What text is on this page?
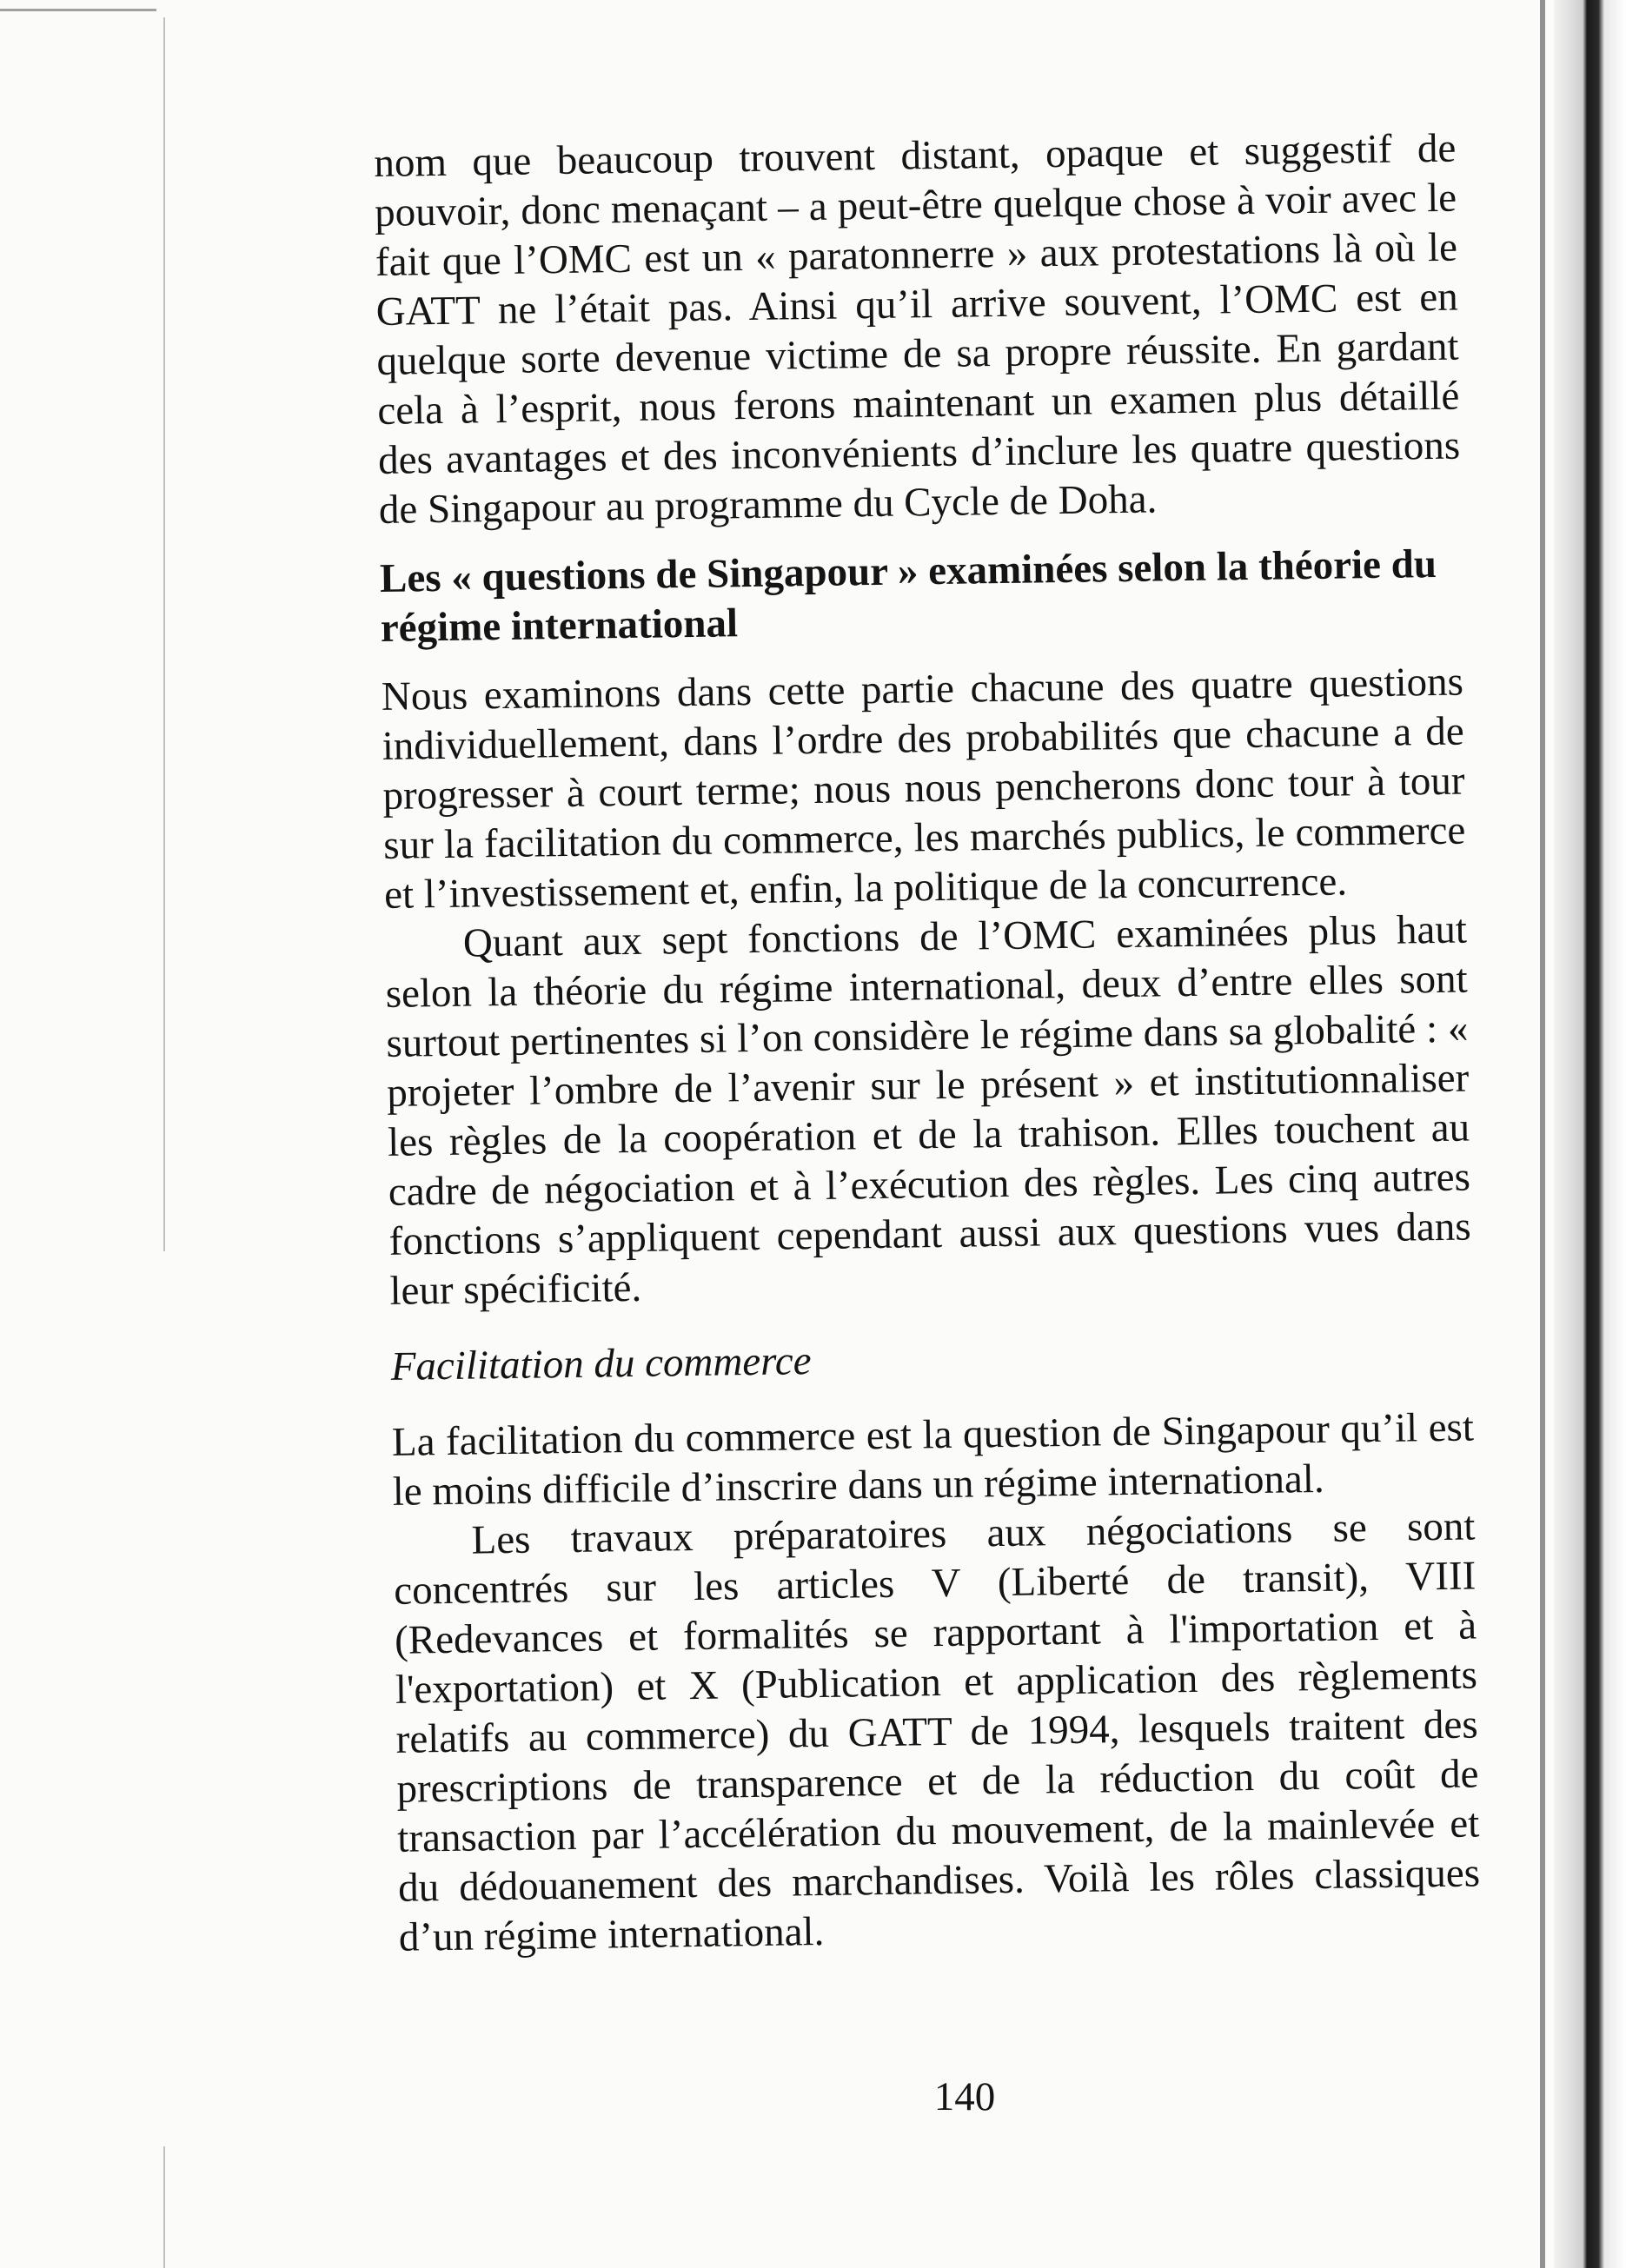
nom que beaucoup trouvent distant, opaque et suggestif de pouvoir, donc menaçant – a peut-être quelque chose à voir avec le fait que l’OMC est un « paratonnerre » aux protestations là où le GATT ne l’était pas. Ainsi qu’il arrive souvent, l’OMC est en quelque sorte devenue victime de sa propre réussite. En gardant cela à l’esprit, nous ferons maintenant un examen plus détaillé des avantages et des inconvénients d’inclure les quatre questions de Singapour au programme du Cycle de Doha.

Les « questions de Singapour » examinées selon la théorie du régime international

Nous examinons dans cette partie chacune des quatre questions individuellement, dans l’ordre des probabilités que chacune a de progresser à court terme; nous nous pencherons donc tour à tour sur la facilitation du commerce, les marchés publics, le commerce et l’investissement et, enfin, la politique de la concurrence.

Quant aux sept fonctions de l’OMC examinées plus haut selon la théorie du régime international, deux d’entre elles sont surtout pertinentes si l’on considère le régime dans sa globalité : « projeter l’ombre de l’avenir sur le présent » et institutionnaliser les règles de la coopération et de la trahison. Elles touchent au cadre de négociation et à l’exécution des règles. Les cinq autres fonctions s’appliquent cependant aussi aux questions vues dans leur spécificité.

Facilitation du commerce

La facilitation du commerce est la question de Singapour qu’il est le moins difficile d’inscrire dans un régime international.

Les travaux préparatoires aux négociations se sont concentrés sur les articles V (Liberté de transit), VIII (Redevances et formalités se rapportant à l'importation et à l'exportation) et X (Publication et application des règlements relatifs au commerce) du GATT de 1994, lesquels traitent des prescriptions de transparence et de la réduction du coût de transaction par l’accélération du mouvement, de la mainlevée et du dédouanement des marchandises. Voilà les rôles classiques d’un régime international.

140
